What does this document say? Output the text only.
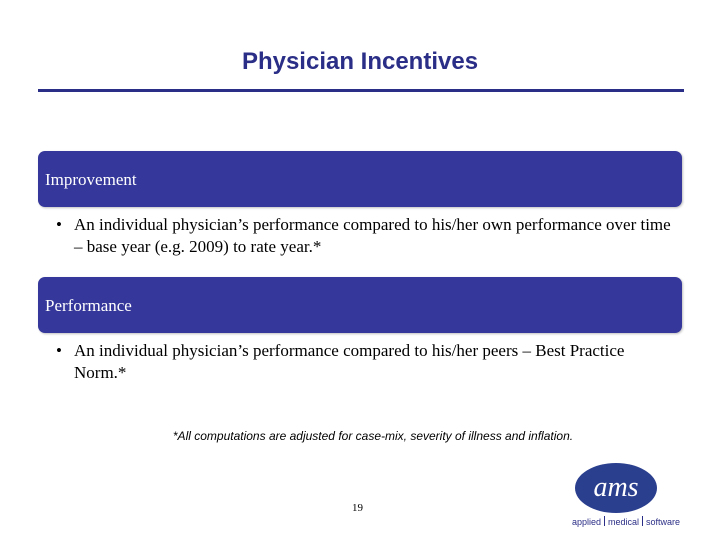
Physician Incentives
Improvement
• An individual physician’s performance compared to his/her own performance over time – base year (e.g. 2009) to rate year.*
Performance
• An individual physician’s performance compared to his/her peers – Best Practice Norm.*
*All computations are adjusted for case-mix, severity of illness and inflation.
19
ams
applied medical software
